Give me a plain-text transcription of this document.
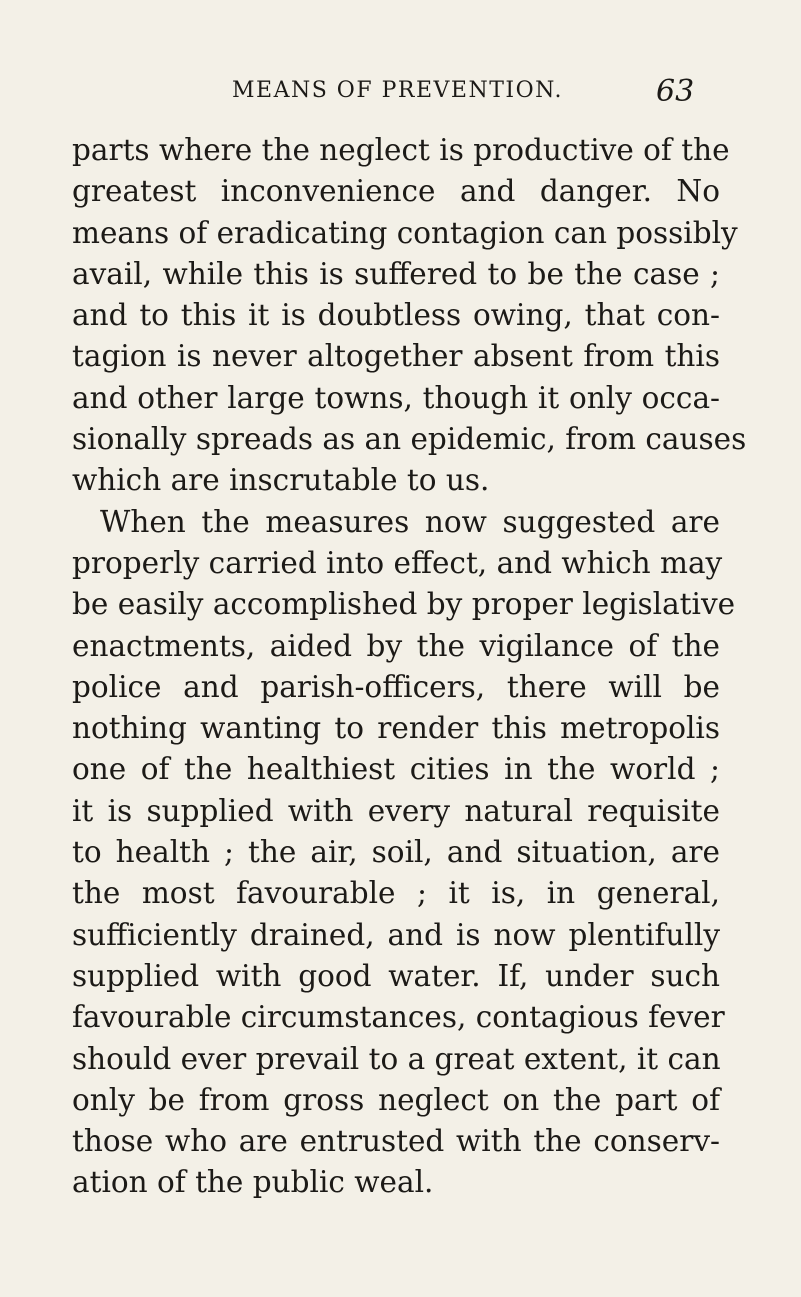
MEANS OF PREVENTION.	63
parts where the neglect is productive of the
greatest inconvenience and danger. No
means of eradicating contagion can possibly
avail, while this is suffered to be the case ;
and to this it is doubtless owing, that con-
tagion is never altogether absent from this
and other large towns, though it only occa-
sionally spreads as an epidemic, from causes
which are inscrutable to us.
When the measures now suggested are
properly carried into effect, and which may
be easily accomplished by proper legislative
enactments, aided by the vigilance of the
police and parish-officers, there will be
nothing wanting to render this metropolis
one of the healthiest cities in the world ;
it is supplied with every natural requisite
to health ; the air, soil, and situation, are
the most favourable ; it is, in general,
sufficiently drained, and is now plentifully
supplied with good water. If, under such
favourable circumstances, contagious fever
should ever prevail to a great extent, it can
only be from gross neglect on the part of
those who are entrusted with the conserv-
ation of the public weal.
